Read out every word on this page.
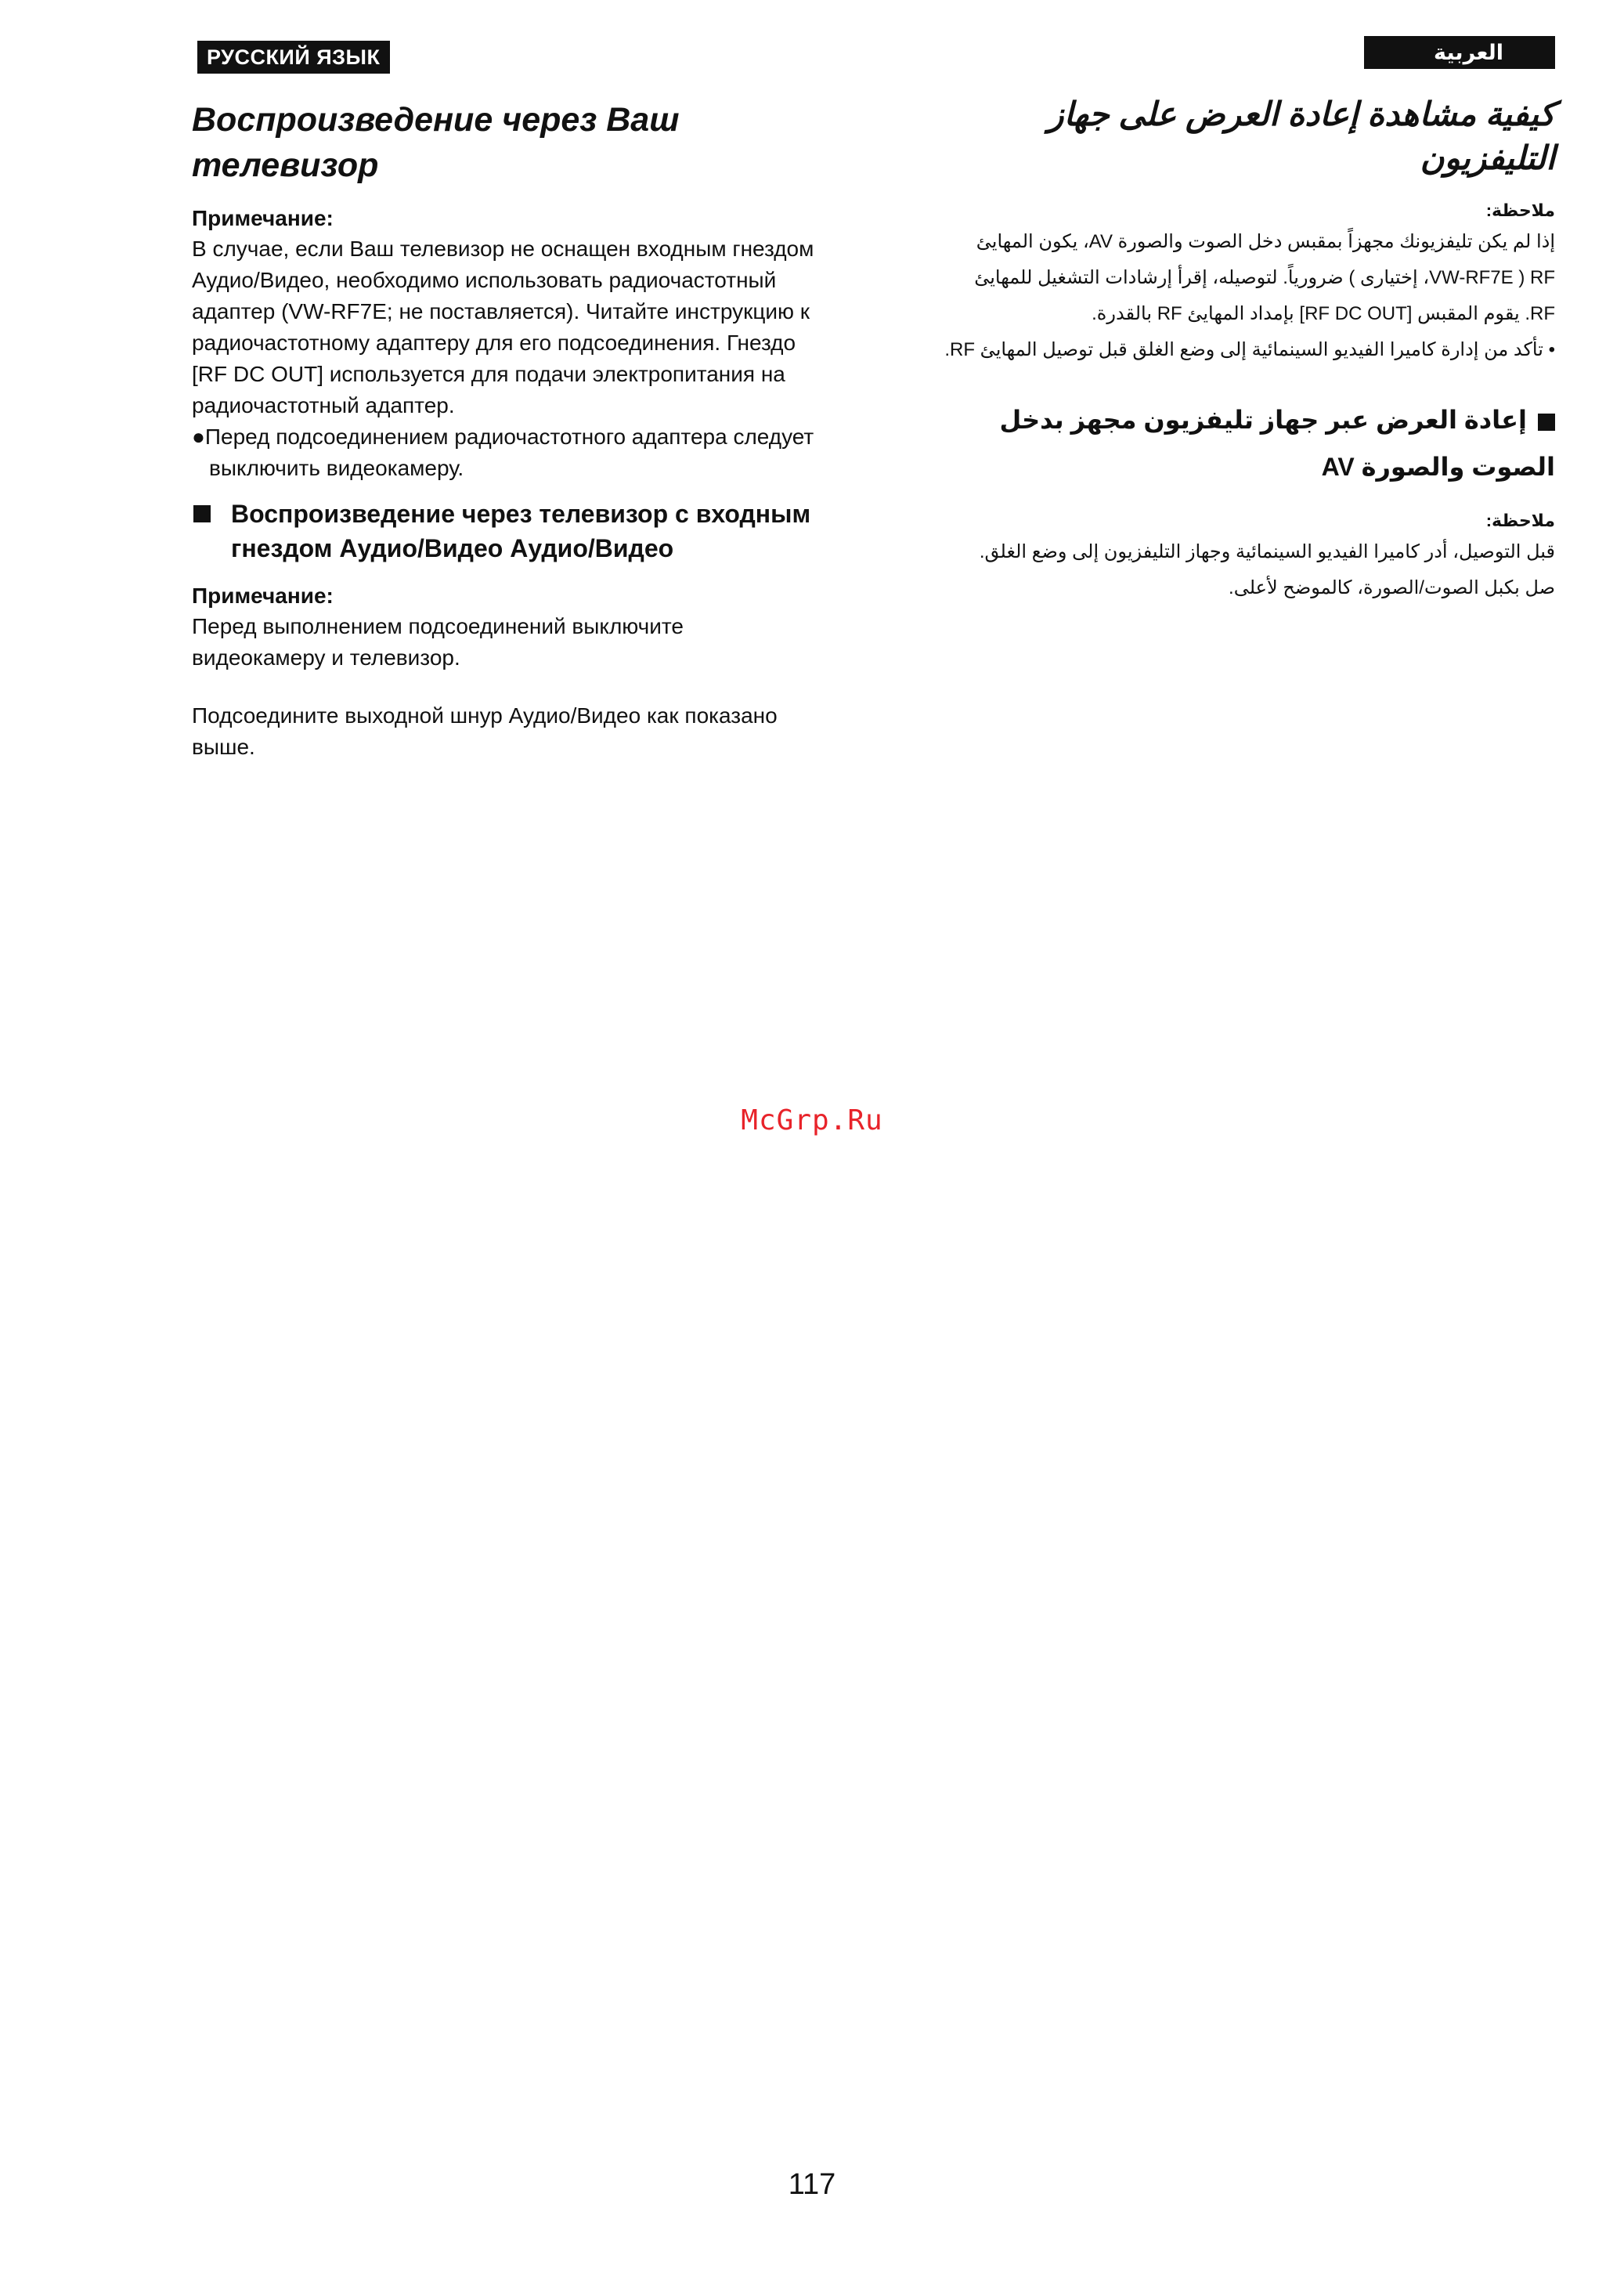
РУССКИЙ ЯЗЫК	العربية
Воспроизведение через Ваш телевизор

Примечание:

В случае, если Ваш телевизор не оснащен входным гнездом Аудио/Видео, необходимо использовать радиочастотный адаптер (VW-RF7E; не поставляется). Читайте инструкцию к радиочастотному адаптеру для его подсоединения. Гнездо [RF DC OUT] используется для подачи электропитания на радиочастотный адаптер.

●Перед подсоединением радиочастотного адаптера следует выключить видеокамеру.

Воспроизведение через телевизор с входным гнездом Аудио/Видео Аудио/Видео

Примечание:

Перед выполнением подсоединений выключите видеокамеру и телевизор.

Подсоедините выходной шнур Аудио/Видео как показано выше.

كيفية مشاهدة إعادة العرض على جهاز التليفزيون

ملاحظة:

إذا لم يكن تليفزيونك مجهزاً بمقبس دخل الصوت والصورة AV، يكون المهايئ

RF ( VW-RF7E، إختيارى ) ضرورياً. لتوصيله، إقرأ إرشادات التشغيل للمهايئ

RF. يقوم المقبس [RF DC OUT] بإمداد المهايئ RF بالقدرة.

• تأكد من إدارة كاميرا الفيديو السينمائية إلى وضع الغلق قبل توصيل المهايئ RF.

إعادة العرض عبر جهاز تليفزيون مجهز بدخل
الصوت والصورة AV

ملاحظة:

قبل التوصيل، أدر كاميرا الفيديو السينمائية وجهاز التليفزيون إلى وضع الغلق.

صل بكبل الصوت/الصورة، كالموضح لأعلى.

McGrp.Ru
117
